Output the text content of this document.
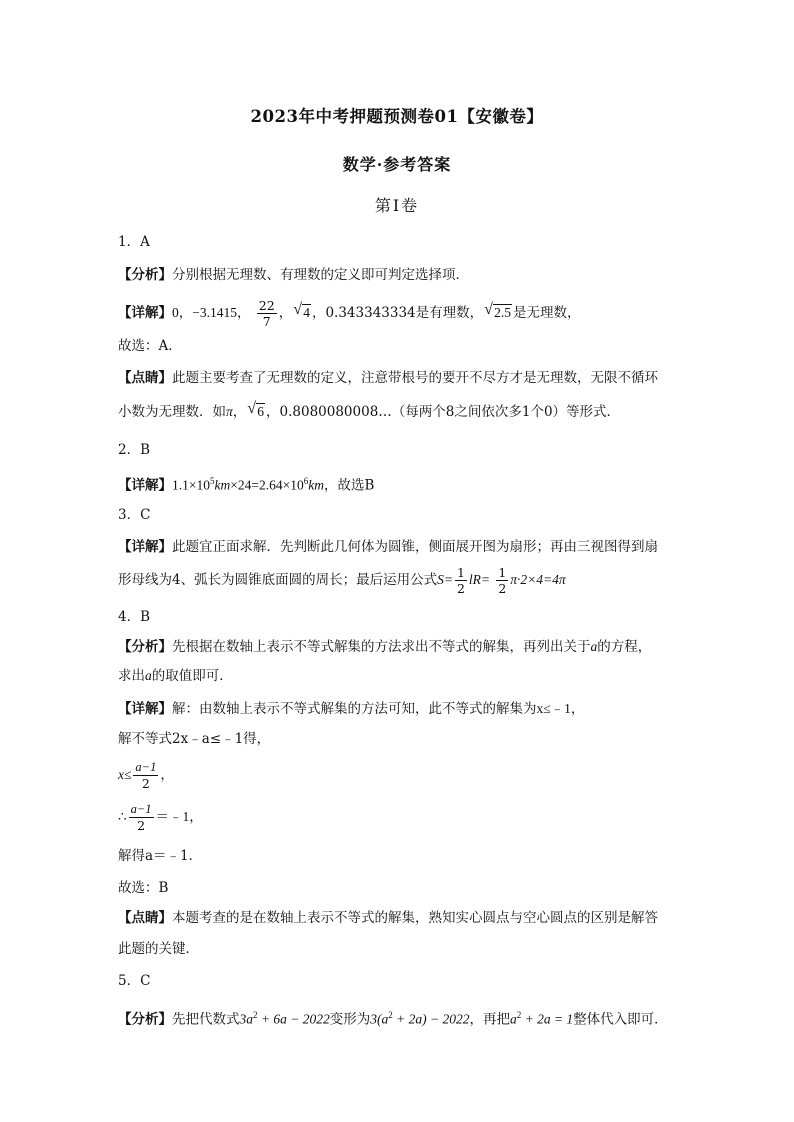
2023年中考押题预测卷01【安徽卷】
数学·参考答案
第Ⅰ卷
1．A
【分析】分别根据无理数、有理数的定义即可判定选择项．
【详解】0，−3.1415， $\frac{22}{7}$ ， √ 4 ，0.343343334是有理数， √ 2.5 是无理数，
故选：A．
【点睛】此题主要考查了无理数的定义，注意带根号的要开不尽方才是无理数，无限不循环
小数为无理数．如π， √ 6 ，0.8080080008…（每两个8之间依次多1个0）等形式．
2．B
【详解】$1.1\times 10^5km\times 24=2.64\times 10^6km$，故选B
3．C
【详解】此题宜正面求解．先判断此几何体为圆锥，侧面展开图为扇形；再由三视图得到扇
形母线为4、弧长为圆锥底面圆的周长；最后运用公式$S= \frac{1}{2} lR= \frac{1}{2} \pi\cdot 2\times 4=4\pi$
4．B
【分析】先根据在数轴上表示不等式解集的方法求出不等式的解集，再列出关于a的方程，
求出a的取值即可．
【详解】解：由数轴上表示不等式解集的方法可知，此不等式的解集为x≤﹣1，
解不等式2x﹣a≤﹣1得，
$x\le \frac{a-1}{2}$ ，
∴ $\frac{a-1}{2}$ ＝﹣1，
解得a＝﹣1．
故选：B
【点睛】本题考查的是在数轴上表示不等式的解集，熟知实心圆点与空心圆点的区别是解答
此题的关键．
5．C
【分析】先把代数式$3a^2 + 6a - 2022$变形为$3(a^2 + 2a) - 2022$，再把$a^2 + 2a = 1$整体代入即可．
